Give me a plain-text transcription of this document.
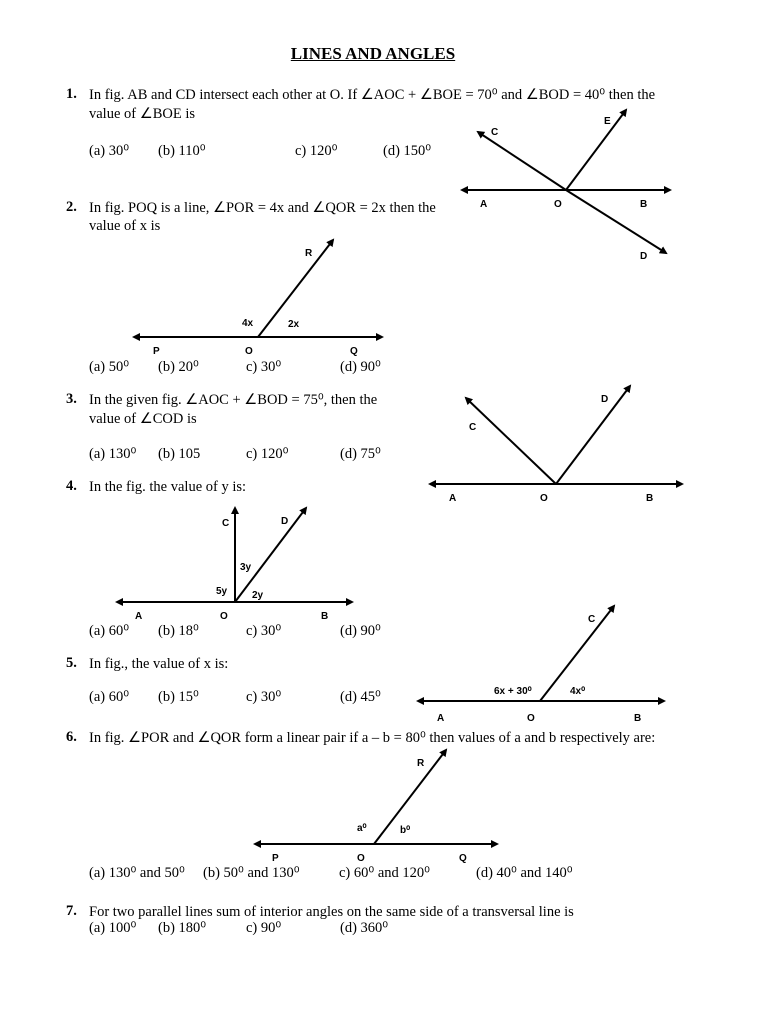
LINES AND ANGLES
1. In fig. AB and CD intersect each other at O. If ∠AOC + ∠BOE = 70⁰ and ∠BOD = 40⁰ then the
value of ∠BOE is
(a) 30⁰ (b) 110⁰	c) 120⁰	(d) 150⁰
C
E
A	O	B
D
2. In fig. POQ is a line, ∠POR = 4x and ∠QOR = 2x then the
value of x is
R
4x	2x
P	O	Q
(a) 50⁰ (b) 20⁰	c) 30⁰	(d) 90⁰
3. In the given fig. ∠AOC + ∠BOD = 75⁰, then the
value of ∠COD is
(a) 130⁰ (b) 105	c) 120⁰	(d) 75⁰
D
C
A	O	B
4. In the fig. the value of y is:
C	D
3y
5y 2y
A	O	B
(a) 60⁰ (b) 18⁰	c) 30⁰	(d) 90⁰
5. In fig., the value of x is:
(a) 60⁰ (b) 15⁰	c) 30⁰	(d) 45⁰
C
6x + 30⁰	4x⁰
A	O	B
6. In fig. ∠POR and ∠QOR form a linear pair if a – b = 80⁰ then values of a and b respectively are:
R
a⁰	b⁰
P	O	Q
(a) 130⁰ and 50⁰ (b) 50⁰ and 130⁰	c) 60⁰ and 120⁰	(d) 40⁰ and 140⁰
7. For two parallel lines sum of interior angles on the same side of a transversal line is
(a) 100⁰ (b) 180⁰	c) 90⁰	(d) 360⁰
